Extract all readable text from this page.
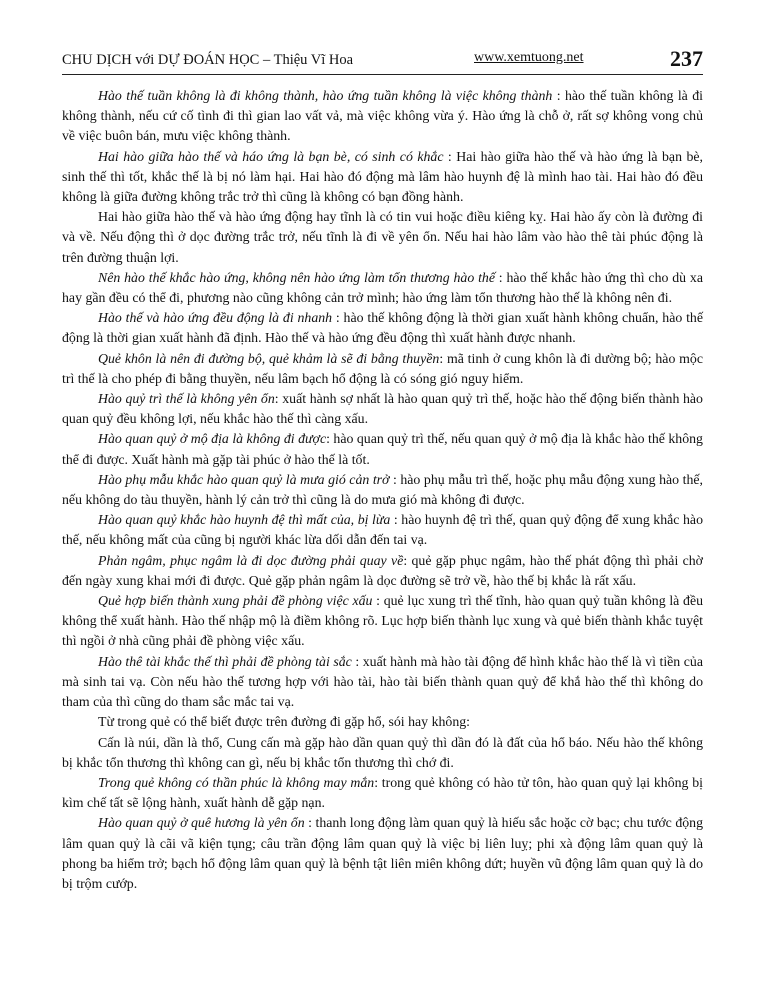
CHU DỊCH với DỰ ĐOÁN HỌC – Thiệu Vĩ Hoa	www.xemtuong.net	237

Hào thế tuần không là đi không thành, hào ứng tuần không là việc không thành : hào thế tuần không là đi không thành, nếu cứ cố tình đi thì gian lao vất vả, mà việc không vừa ý. Hào ứng là chỗ ở, rất sợ không vong chủ về việc buôn bán, mưu việc không thành.

Hai hào giữa hào thế và háo ứng là bạn bè, có sinh có khắc : Hai hào giữa hào thế và hào ứng là bạn bè, sinh thế thì tốt, khắc thế là bị nó làm hại. Hai hào đó động mà lâm hào huynh đệ là mình hao tài. Hai hào đó đều không là giữa đường không trắc trở thì cũng là không có bạn đồng hành.

Hai hào giữa hào thế và hào ứng động hay tĩnh là có tin vui hoặc điều kiêng kỵ. Hai hào ấy còn là đường đi và về. Nếu động thì ở dọc đường trắc trở, nếu tĩnh là đi về yên ổn. Nếu hai hào lâm vào hào thê tài phúc động là trên đường thuận lợi.

Nên hào thế khắc hào ứng, không nên hào ứng làm tổn thương hào thế : hào thế khắc hào ứng thì cho dù xa hay gần đều có thể đi, phương nào cũng không cản trở mình; hào ứng làm tổn thương hào thế là không nên đi.

Hào thế và hào ứng đều động là đi nhanh : hào thế không động là thời gian xuất hành không chuẩn, hào thế động là thời gian xuất hành đã định. Hào thế và hào ứng đều động thì xuất hành được nhanh.

Quẻ khôn là nên đi đường bộ, quẻ khảm là sẽ đi bằng thuyền: mã tinh ở cung khôn là đi dường bộ; hào mộc trì thế là cho phép đi bằng thuyền, nếu lâm bạch hổ động là có sóng gió nguy hiểm.

Hào quỷ trì thế là không yên ổn: xuất hành sợ nhất là hào quan quỷ trì thế, hoặc hào thế động biến thành hào quan quỷ đều không lợi, nếu khắc hào thế thì càng xấu.

Hào quan quỷ ở mộ địa là không đi được: hào quan quỷ trì thế, nếu quan quỷ ở mộ địa là khắc hào thế không thể đi được. Xuất hành mà gặp tài phúc ở hào thế là tốt.

Hào phụ mẫu khắc hào quan quỷ là mưa gió cản trở : hào phụ mẫu trì thế, hoặc phụ mẫu động xung hào thế, nếu không do tàu thuyền, hành lý cản trở thì cũng là do mưa gió mà không đi được.

Hào quan quỷ khắc hào huynh đệ thì mất của, bị lừa : hào huynh đệ trì thế, quan quỷ động để xung khắc hào thế, nếu không mất của cũng bị người khác lừa dối dẫn đến tai vạ.

Phản ngâm, phục ngâm là đi dọc đường phải quay về: quẻ gặp phục ngâm, hào thế phát động thì phải chờ đến ngày xung khai mới đi được. Quẻ gặp phản ngâm là dọc đường sẽ trở về, hào thế bị khắc là rất xấu.

Quẻ hợp biến thành xung phải đề phòng việc xấu : quẻ lục xung trì thế tĩnh, hào quan quỷ tuần không là đều không thể xuất hành. Hào thế nhập mộ là điềm không rõ. Lục hợp biến thành lục xung và quẻ biến thành khắc tuyệt thì ngồi ở nhà cũng phải đề phòng việc xấu.

Hào thê tài khắc thế thì phải đề phòng tài sắc : xuất hành mà hào tài động để hình khắc hào thế là vì tiền của mà sinh tai vạ. Còn nếu hào thế tương hợp với hào tài, hào tài biến thành quan quỷ để khắ hào thế thì không do tham của thì cũng do tham sắc mắc tai vạ.

Từ trong quẻ có thể biết được trên đường đi gặp hổ, sói hay không:

Cấn là núi, dần là thổ, Cung cấn mà gặp hào dần quan quỷ thì dần đó là đất của hổ báo. Nếu hào thế không bị khắc tổn thương thì không can gì, nếu bị khắc tổn thương thì chớ đi.

Trong quẻ không có thần phúc là không may mắn: trong quẻ không có hào tử tôn, hào quan quỷ lại không bị kìm chế tất sẽ lộng hành, xuất hành dễ gặp nạn.

Hào quan quỷ ở quê hương là yên ổn : thanh long động làm quan quỷ là hiếu sắc hoặc cờ bạc; chu tước động lâm quan quỷ là cãi vã kiện tụng; câu trần động lâm quan quỷ là việc bị liên luỵ; phi xà động lâm quan quỷ là phong ba hiểm trở; bạch hổ động lâm quan quỷ là bệnh tật liên miên không dứt; huyền vũ động lâm quan quỷ là do bị trộm cướp.
